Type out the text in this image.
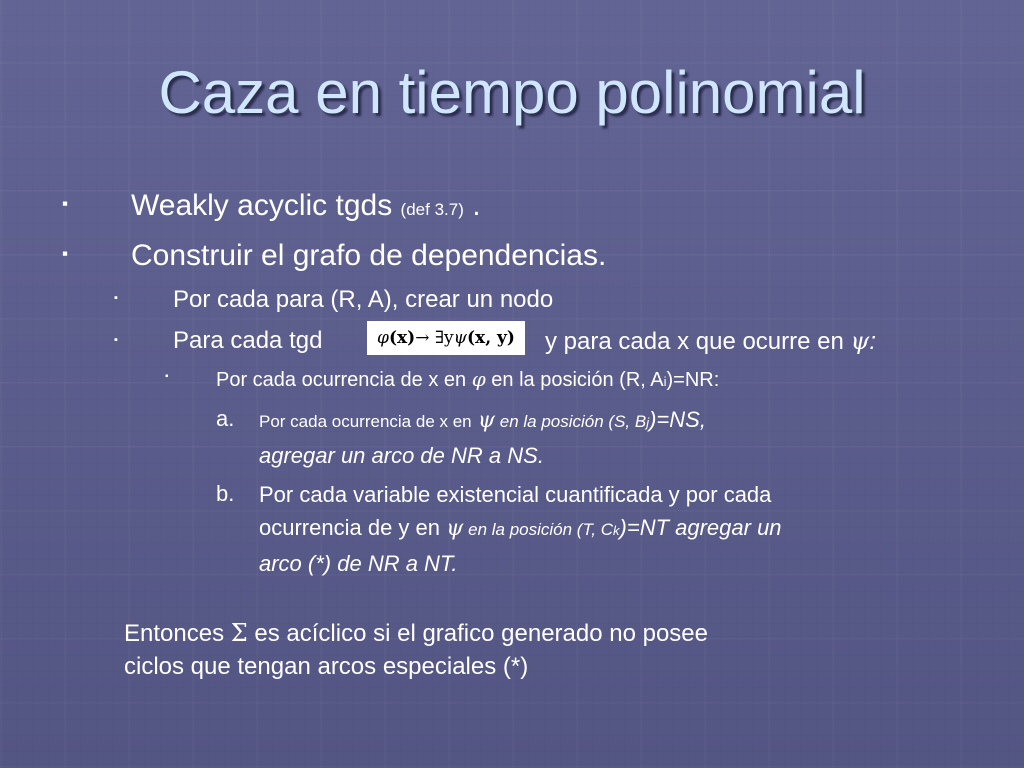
Caza en tiempo polinomial
▪ Weakly acyclic tgds (def 3.7) .
▪ Construir el grafo de dependencias.
▪ Por cada para (R, A), crear un nodo
▪ Para cada tgd	φ (x) → ∃y ψ (x, y) y para cada x que ocurre en ψ:
▪ Por cada ocurrencia de x en φ en la posición (R, Ai)=NR:
a. Por cada ocurrencia de x en ψ en la posición (S, Bj)=NS,
agregar un arco de NR a NS.
b. Por cada variable existencial cuantificada y por cada
ocurrencia de y en ψ en la posición (T, Ck)=NT agregar un
arco (*) de NR a NT.
Entonces Σ es acíclico si el grafico generado no posee
ciclos que tengan arcos especiales (*)
